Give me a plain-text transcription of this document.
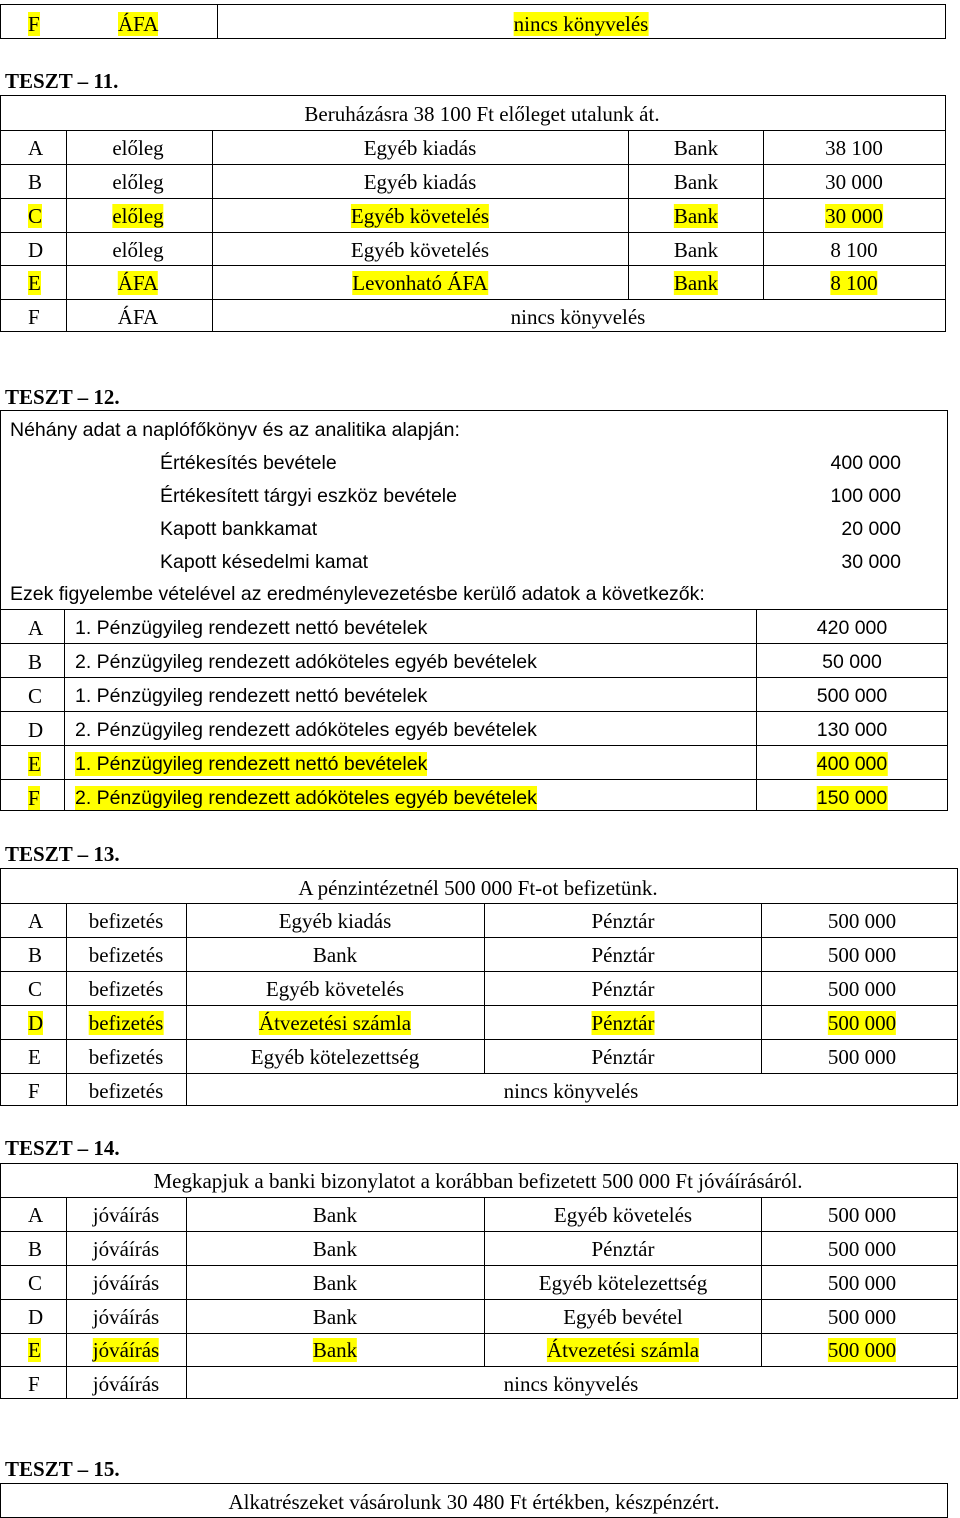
F	ÁFA	nincs könyvelés
TESZT – 11.
Beruházásra 38 100 Ft előleget utalunk át.
A	előleg	Egyéb kiadás	Bank	38 100
B	előleg	Egyéb kiadás	Bank	30 000
C	előleg	Egyéb követelés	Bank	30 000
D	előleg	Egyéb követelés	Bank	8 100
E	ÁFA	Levonható ÁFA	Bank	8 100
F	ÁFA	nincs könyvelés
TESZT – 12.
Néhány adat a naplófőkönyv és az analitika alapján:
Értékesítés bevétele	400 000
Értékesített tárgyi eszköz bevétele	100 000
Kapott bankkamat	20 000
Kapott késedelmi kamat	30 000
Ezek figyelembe vételével az eredménylevezetésbe kerülő adatok a következők:
A 1. Pénzügyileg rendezett nettó bevételek	420 000
B 2. Pénzügyileg rendezett adóköteles egyéb bevételek	50 000
C 1. Pénzügyileg rendezett nettó bevételek	500 000
D 2. Pénzügyileg rendezett adóköteles egyéb bevételek	130 000
E 1. Pénzügyileg rendezett nettó bevételek	400 000
F 2. Pénzügyileg rendezett adóköteles egyéb bevételek	150 000
TESZT – 13.
A pénzintézetnél 500 000 Ft-ot befizetünk.
A befizetés	Egyéb kiadás	Pénztár	500 000
B befizetés	Bank	Pénztár	500 000
C befizetés	Egyéb követelés	Pénztár	500 000
D befizetés	Átvezetési számla	Pénztár	500 000
E befizetés	Egyéb kötelezettség	Pénztár	500 000
F befizetés	nincs könyvelés
TESZT – 14.
Megkapjuk a banki bizonylatot a korábban befizetett 500 000 Ft jóváírásáról.
A jóváírás	Bank	Egyéb követelés	500 000
B jóváírás	Bank	Pénztár	500 000
C jóváírás	Bank	Egyéb kötelezettség	500 000
D jóváírás	Bank	Egyéb bevétel	500 000
E jóváírás	Bank	Átvezetési számla	500 000
F	jóváírás	nincs könyvelés
TESZT – 15.
Alkatrészeket vásárolunk 30 480 Ft értékben, készpénzért.
